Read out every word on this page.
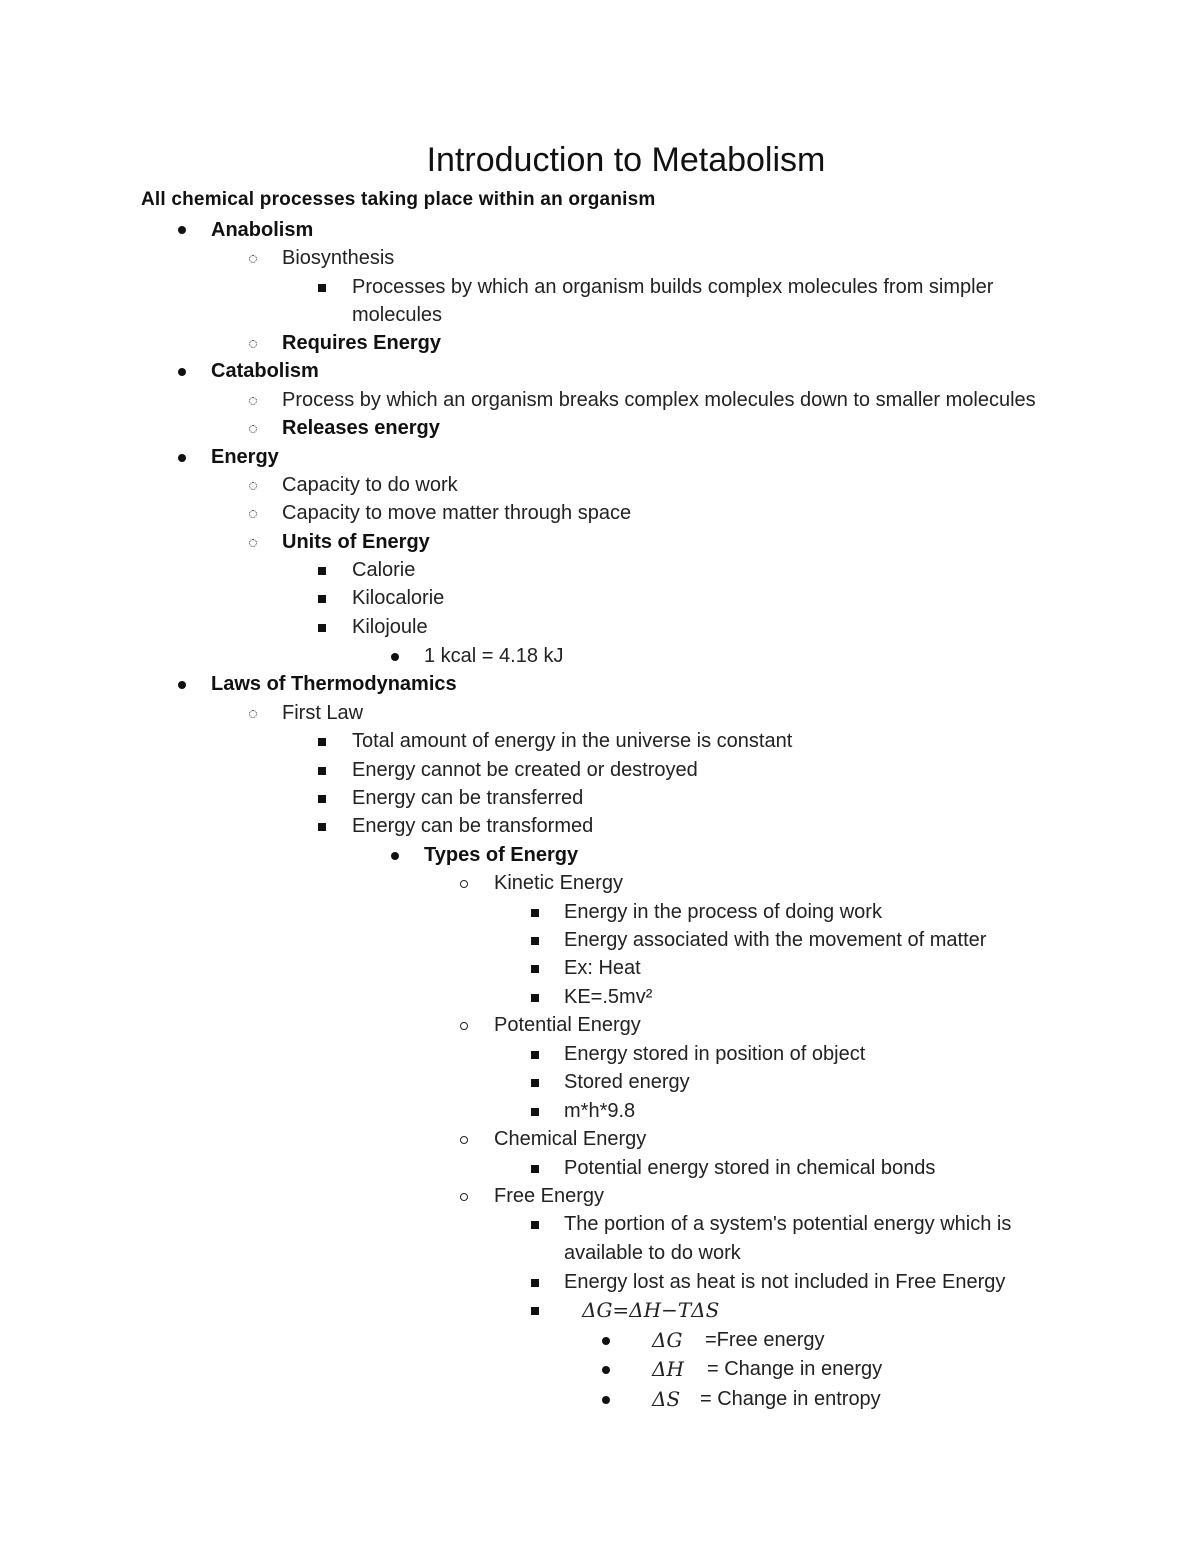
Introduction to Metabolism
All chemical processes taking place within an organism
Anabolism
Biosynthesis
Processes by which an organism builds complex molecules from simpler
molecules
Requires Energy
Catabolism
Process by which an organism breaks complex molecules down to smaller molecules
Releases energy
Energy
Capacity to do work
Capacity to move matter through space
Units of Energy
Calorie
Kilocalorie
Kilojoule
1 kcal = 4.18 kJ
Laws of Thermodynamics
First Law
Total amount of energy in the universe is constant
Energy cannot be created or destroyed
Energy can be transferred
Energy can be transformed
Types of Energy
Kinetic Energy
Energy in the process of doing work
Energy associated with the movement of matter
Ex: Heat
KE=.5mv²
Potential Energy
Energy stored in position of object
Stored energy
m*h*9.8
Chemical Energy
Potential energy stored in chemical bonds
Free Energy
The portion of a system's potential energy which is
available to do work
Energy lost as heat is not included in Free Energy
ΔG=ΔH−TΔS
ΔG =Free energy
ΔH = Change in energy
ΔS = Change in entropy
